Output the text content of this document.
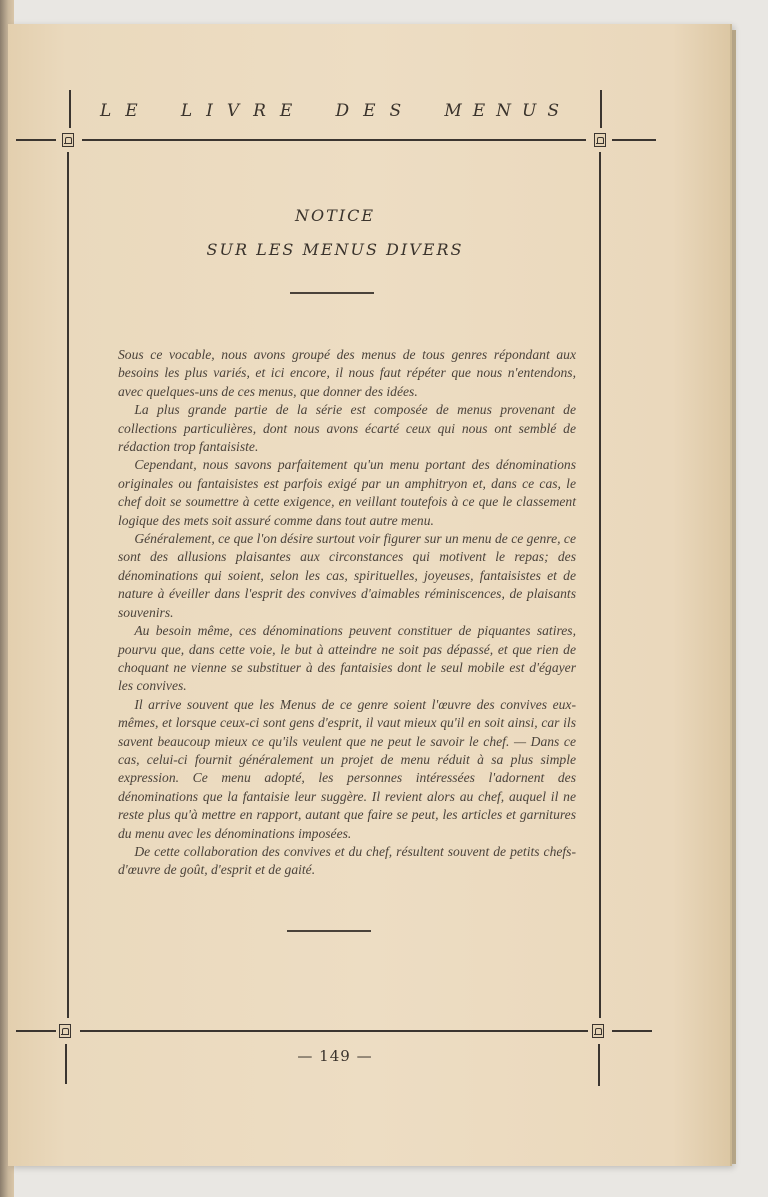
LE LIVRE DES MENUS
NOTICE
SUR LES MENUS DIVERS

Sous ce vocable, nous avons groupé des menus de tous genres répondant aux besoins les plus variés, et ici encore, il nous faut répéter que nous n'entendons, avec quelques-uns de ces menus, que donner des idées.

La plus grande partie de la série est composée de menus provenant de collections particulières, dont nous avons écarté ceux qui nous ont semblé de rédaction trop fantaisiste.

Cependant, nous savons parfaitement qu'un menu portant des dénominations originales ou fantaisistes est parfois exigé par un amphitryon et, dans ce cas, le chef doit se soumettre à cette exigence, en veillant toutefois à ce que le classement logique des mets soit assuré comme dans tout autre menu.

Généralement, ce que l'on désire surtout voir figurer sur un menu de ce genre, ce sont des allusions plaisantes aux circonstances qui motivent le repas; des dénominations qui soient, selon les cas, spirituelles, joyeuses, fantaisistes et de nature à éveiller dans l'esprit des convives d'aimables réminiscences, de plaisants souvenirs.

Au besoin même, ces dénominations peuvent constituer de piquantes satires, pourvu que, dans cette voie, le but à atteindre ne soit pas dépassé, et que rien de choquant ne vienne se substituer à des fantaisies dont le seul mobile est d'égayer les convives.

Il arrive souvent que les Menus de ce genre soient l'œuvre des convives eux-mêmes, et lorsque ceux-ci sont gens d'esprit, il vaut mieux qu'il en soit ainsi, car ils savent beaucoup mieux ce qu'ils veulent que ne peut le savoir le chef. — Dans ce cas, celui-ci fournit généralement un projet de menu réduit à sa plus simple expression. Ce menu adopté, les personnes intéressées l'adornent des dénominations que la fantaisie leur suggère. Il revient alors au chef, auquel il ne reste plus qu'à mettre en rapport, autant que faire se peut, les articles et garnitures du menu avec les dénominations imposées.

De cette collaboration des convives et du chef, résultent souvent de petits chefs-d'œuvre de goût, d'esprit et de gaité.

— 149 —
